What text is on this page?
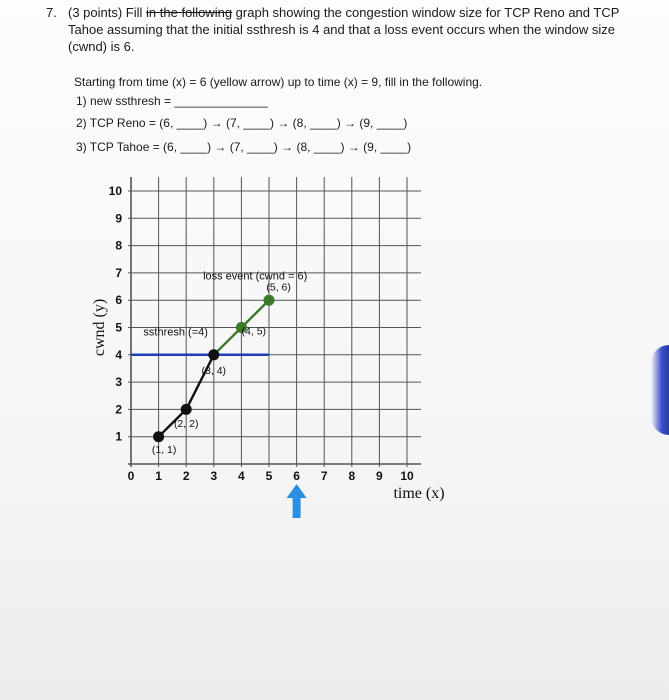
7. (3 points) Fill in the following graph showing the congestion window size for TCP Reno and TCP
Tahoe assuming that the initial ssthresh is 4 and that a loss event occurs when the window size
(cwnd) is 6.
Starting from time (x) = 6 (yellow arrow) up to time (x) = 9, fill in the following.
1) new ssthresh = ______________
2) TCP Reno = (6, ____) → (7, ____) → (8, ____) → (9, ____)
3) TCP Tahoe = (6, ____) → (7, ____) → (8, ____) → (9, ____)
0 1 2 3 4 5 6 7 8 9 10
1
2
3
4
5
6
7
8
9
10
time (x)
cwnd (y)	ssthresh (=4)
loss event (cwnd = 6)
(1, 1)
(2, 2)
(3, 4)
(4, 5)
(5, 6)
